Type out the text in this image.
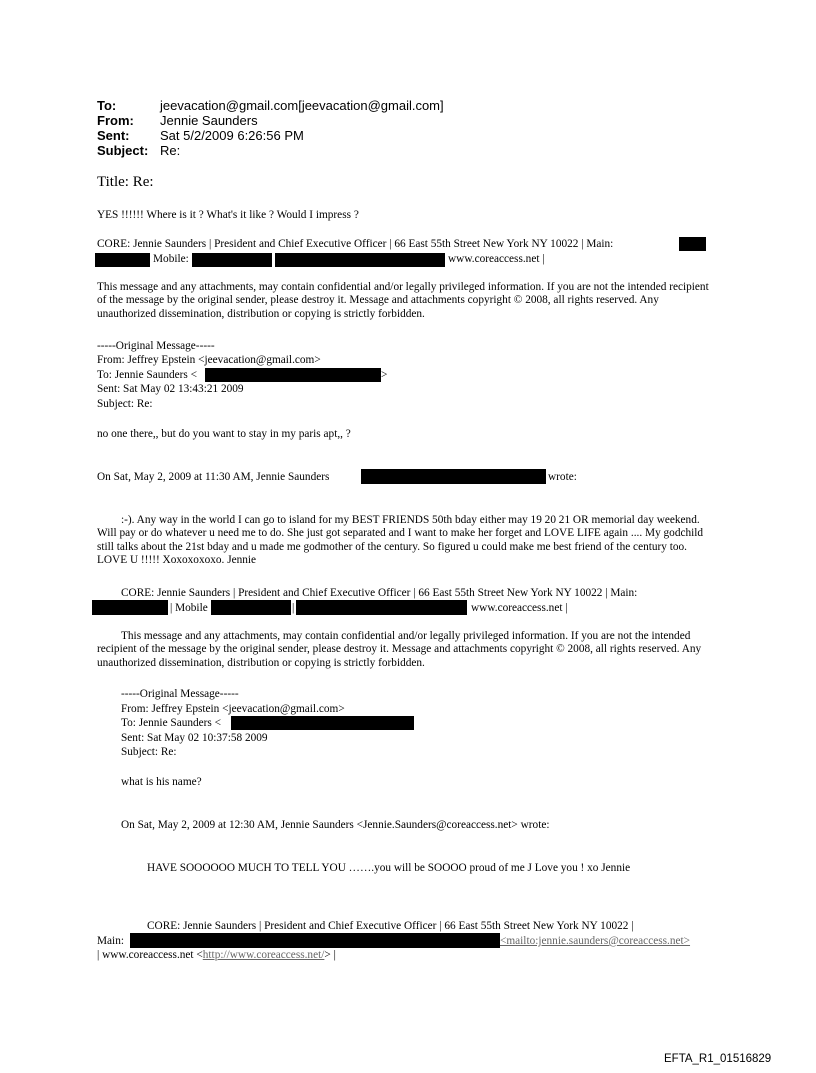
To:	jeevacation@gmail.com[jeevacation@gmail.com]
From: Jennie Saunders
Sent: Sat 5/2/2009 6:26:56 PM
Subject: Re:
Title: Re:
YES !!!!!! Where is it ? What's it like ? Would I impress ?
CORE: Jennie Saunders | President and Chief Executive Officer | 66 East 55th Street New York NY 10022 | Main:
Mobile:	www.coreaccess.net |
This message and any attachments, may contain confidential and/or legally privileged information. If you are not the intended recipient of the message by the original sender, please destroy it. Message and attachments copyright © 2008, all rights reserved. Any unauthorized dissemination, distribution or copying is strictly forbidden.
-----Original Message-----
From: Jeffrey Epstein <jeevacation@gmail.com>
To: Jennie Saunders <	>
Sent: Sat May 02 13:43:21 2009
Subject: Re:
no one there,, but do you want to stay in my paris apt,, ?
On Sat, May 2, 2009 at 11:30 AM, Jennie Saunders	wrote:
:-). Any way in the world I can go to island for my BEST FRIENDS 50th bday either may 19 20 21 OR memorial day weekend. Will pay or do whatever u need me to do. She just got separated and I want to make her forget and LOVE LIFE again .... My godchild still talks about the 21st bday and u made me godmother of the century. So figured u could make me best friend of the century too. LOVE U !!!!! Xoxoxoxoxo. Jennie
CORE: Jennie Saunders | President and Chief Executive Officer | 66 East 55th Street New York NY 10022 | Main:
| Mobile	|	www.coreaccess.net |
This message and any attachments, may contain confidential and/or legally privileged information. If you are not the intended recipient of the message by the original sender, please destroy it. Message and attachments copyright © 2008, all rights reserved. Any unauthorized dissemination, distribution or copying is strictly forbidden.
-----Original Message-----
From: Jeffrey Epstein <jeevacation@gmail.com>
To: Jennie Saunders <
Sent: Sat May 02 10:37:58 2009
Subject: Re:
what is his name?
On Sat, May 2, 2009 at 12:30 AM, Jennie Saunders <Jennie.Saunders@coreaccess.net> wrote:
HAVE SOOOOOO MUCH TO TELL YOU …….you will be SOOOO proud of me J Love you ! xo Jennie
CORE: Jennie Saunders | President and Chief Executive Officer | 66 East 55th Street New York NY 10022 |
Main:	<mailto:jennie.saunders@coreaccess.net>
| www.coreaccess.net <http://www.coreaccess.net/> |
EFTA_R1_01516829
